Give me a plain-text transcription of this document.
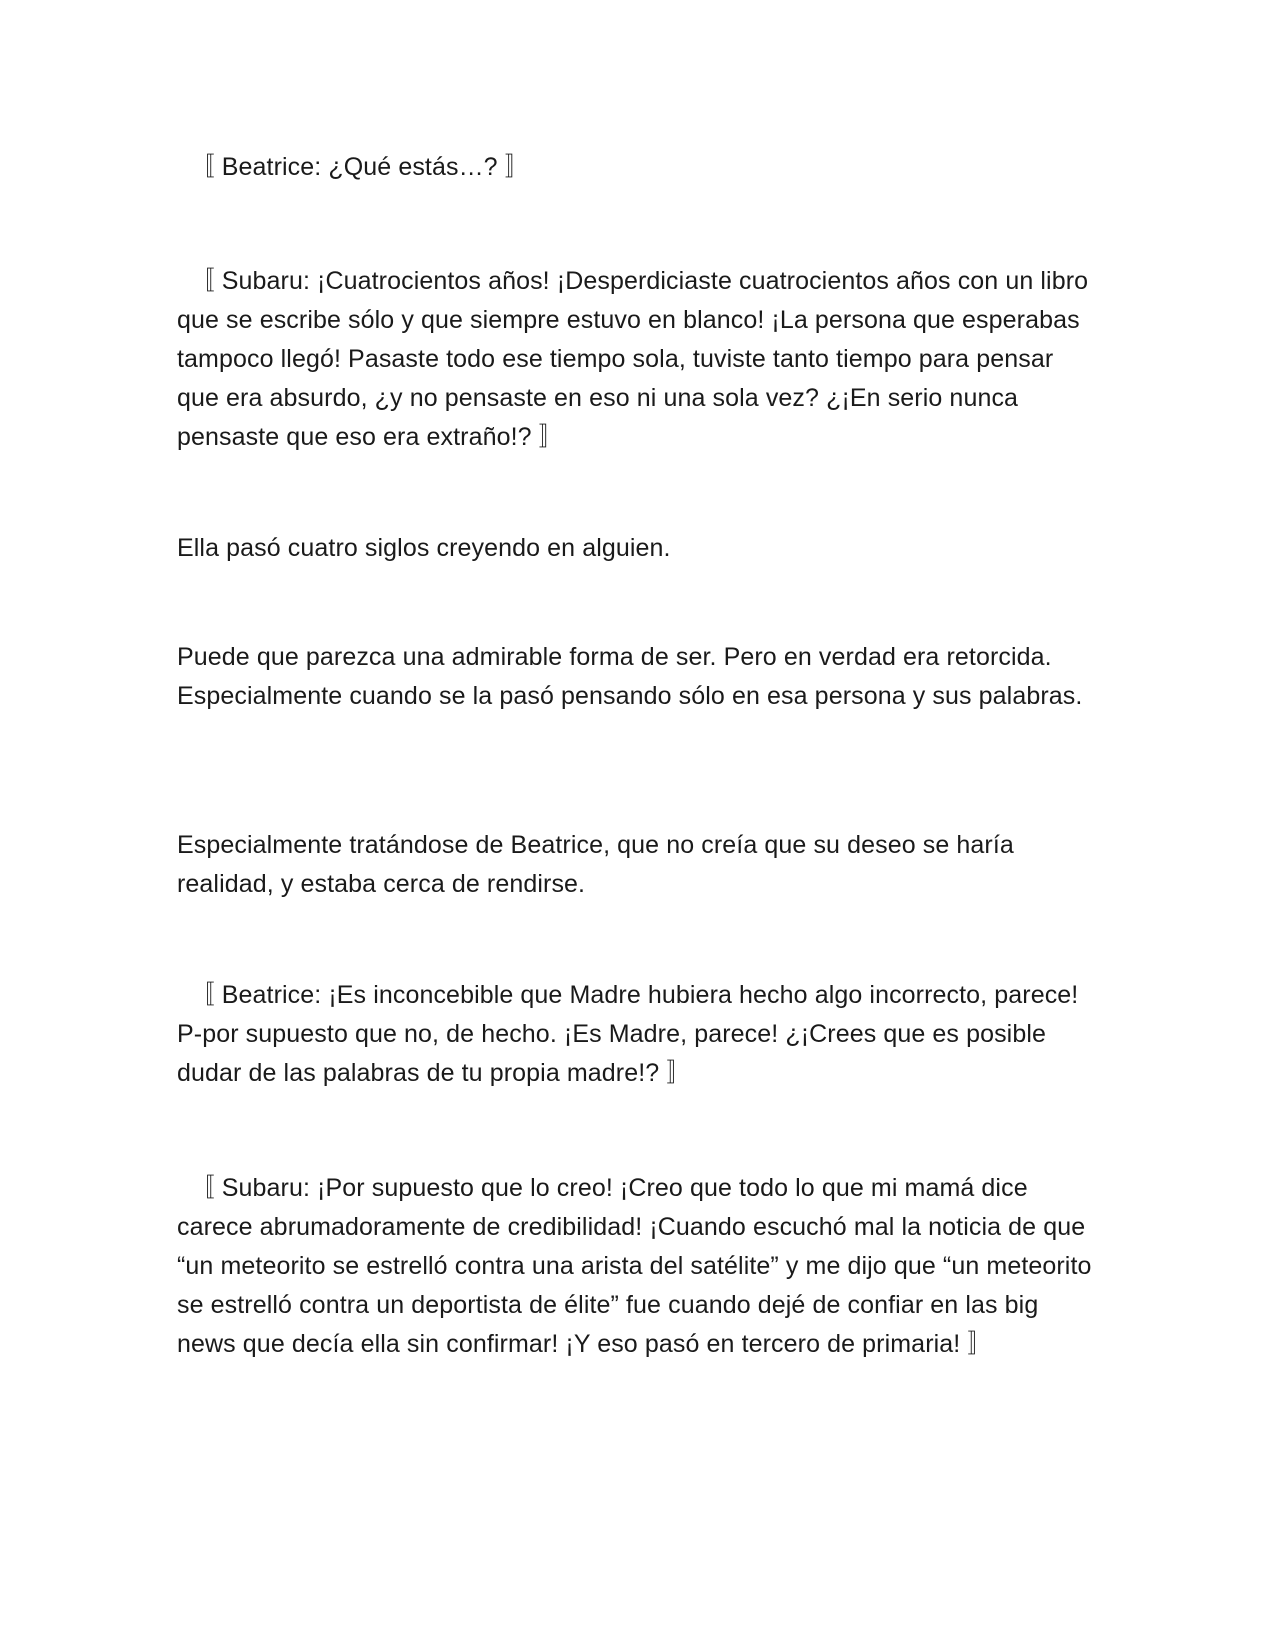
　〚 Beatrice: ¿Qué estás…? 〛

　〚 Subaru: ¡Cuatrocientos años! ¡Desperdiciaste cuatrocientos años con un libro que se escribe sólo y que siempre estuvo en blanco! ¡La persona que esperabas tampoco llegó! Pasaste todo ese tiempo sola, tuviste tanto tiempo para pensar que era absurdo, ¿y no pensaste en eso ni una sola vez? ¿¡En serio nunca pensaste que eso era extraño!? 〛

Ella pasó cuatro siglos creyendo en alguien.

Puede que parezca una admirable forma de ser. Pero en verdad era retorcida. Especialmente cuando se la pasó pensando sólo en esa persona y sus palabras.

Especialmente tratándose de Beatrice, que no creía que su deseo se haría realidad, y estaba cerca de rendirse.

　〚 Beatrice: ¡Es inconcebible que Madre hubiera hecho algo incorrecto, parece! P-por supuesto que no, de hecho. ¡Es Madre, parece! ¿¡Crees que es posible dudar de las palabras de tu propia madre!? 〛

　〚 Subaru: ¡Por supuesto que lo creo! ¡Creo que todo lo que mi mamá dice carece abrumadoramente de credibilidad! ¡Cuando escuchó mal la noticia de que “un meteorito se estrelló contra una arista del satélite” y me dijo que “un meteorito se estrelló contra un deportista de élite” fue cuando dejé de confiar en las big news que decía ella sin confirmar! ¡Y eso pasó en tercero de primaria! 〛
